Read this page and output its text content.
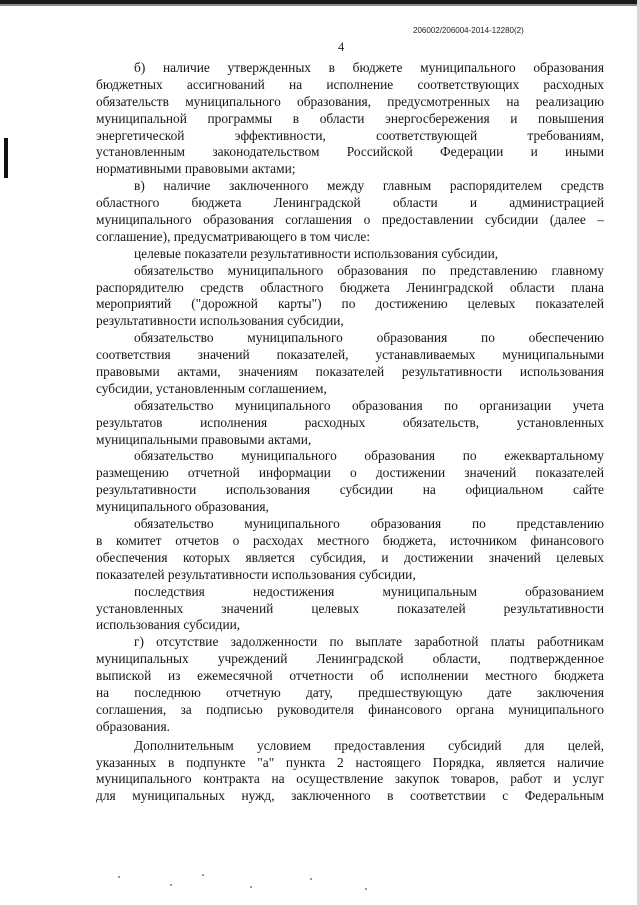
206002/206004-2014-12280(2)
4
б) наличие утвержденных в бюджете муниципального образования
бюджетных ассигнований на исполнение соответствующих расходных
обязательств муниципального образования, предусмотренных на реализацию
муниципальной программы в области энергосбережения и повышения
энергетической эффективности, соответствующей требованиям,
установленным законодательством Российской Федерации и иными
нормативными правовыми актами;
в) наличие заключенного между главным распорядителем средств
областного бюджета Ленинградской области и администрацией
муниципального образования соглашения о предоставлении субсидии (далее –
соглашение), предусматривающего в том числе:
целевые показатели результативности использования субсидии,
обязательство муниципального образования по представлению главному
распорядителю средств областного бюджета Ленинградской области плана
мероприятий ("дорожной карты") по достижению целевых показателей
результативности использования субсидии,
обязательство муниципального образования по обеспечению
соответствия значений показателей, устанавливаемых муниципальными
правовыми актами, значениям показателей результативности использования
субсидии, установленным соглашением,
обязательство муниципального образования по организации учета
результатов исполнения расходных обязательств, установленных
муниципальными правовыми актами,
обязательство муниципального образования по ежеквартальному
размещению отчетной информации о достижении значений показателей
результативности использования субсидии на официальном сайте
муниципального образования,
обязательство муниципального образования по представлению
в комитет отчетов о расходах местного бюджета, источником финансового
обеспечения которых является субсидия, и достижении значений целевых
показателей результативности использования субсидии,
последствия недостижения муниципальным образованием
установленных значений целевых показателей результативности
использования субсидии,
г) отсутствие задолженности по выплате заработной платы работникам
муниципальных учреждений Ленинградской области, подтвержденное
выпиской из ежемесячной отчетности об исполнении местного бюджета
на последнюю отчетную дату, предшествующую дате заключения
соглашения, за подписью руководителя финансового органа муниципального
образования.
Дополнительным условием предоставления субсидий для целей,
указанных в подпункте "а" пункта 2 настоящего Порядка, является наличие
муниципального контракта на осуществление закупок товаров, работ и услуг
для муниципальных нужд, заключенного в соответствии с Федеральным
